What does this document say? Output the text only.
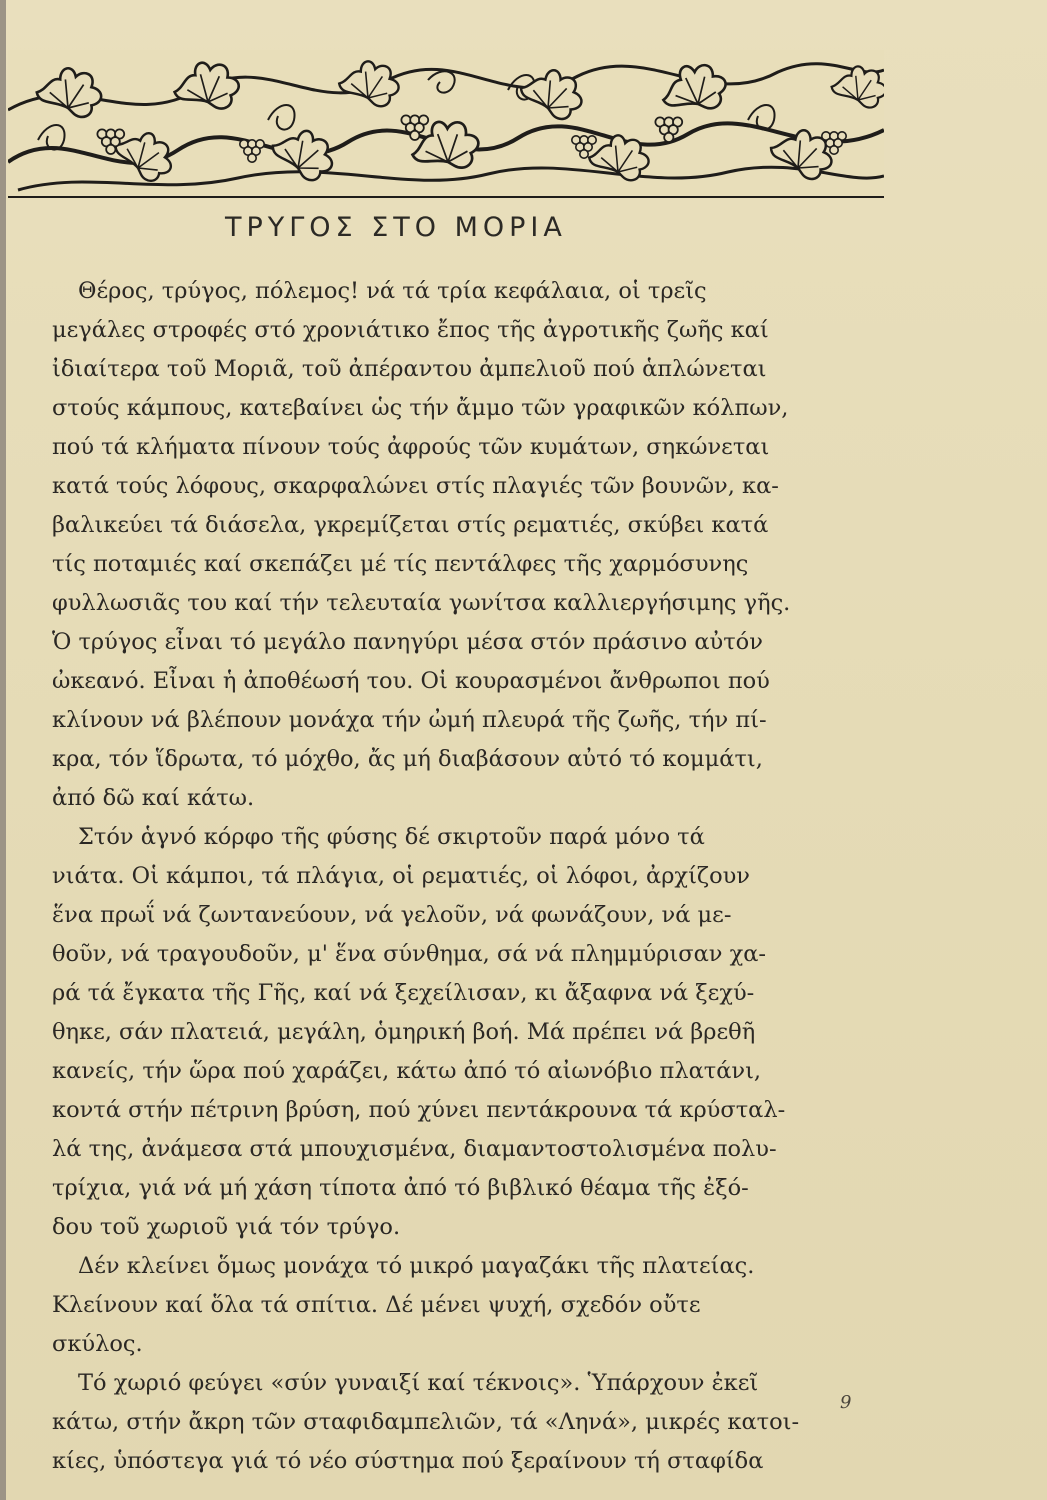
ΤΡΥΓΟΣ ΣΤΟ ΜΟΡΙΑ
Θέρος, τρύγος, πόλεμος! νά τά τρία κεφάλαια, οἱ τρεῖς
μεγάλες στροφές στό χρονιάτικο ἔπος τῆς ἀγροτικῆς ζωῆς καί
ἰδιαίτερα τοῦ Μοριᾶ, τοῦ ἀπέραντου ἀμπελιοῦ πού ἁπλώνεται
στούς κάμπους, κατεβαίνει ὡς τήν ἄμμο τῶν γραφικῶν κόλπων,
πού τά κλήματα πίνουν τούς ἀφρούς τῶν κυμάτων, σηκώνεται
κατά τούς λόφους, σκαρφαλώνει στίς πλαγιές τῶν βουνῶν, κα-
βαλικεύει τά διάσελα, γκρεμίζεται στίς ρεματιές, σκύβει κατά
τίς ποταμιές καί σκεπάζει μέ τίς πεντάλφες τῆς χαρμόσυνης
φυλλωσιᾶς του καί τήν τελευταία γωνίτσα καλλιεργήσιμης γῆς.
Ὁ τρύγος εἶναι τό μεγάλο πανηγύρι μέσα στόν πράσινο αὐτόν
ὠκεανό. Εἶναι ἡ ἀποθέωσή του. Οἱ κουρασμένοι ἄνθρωποι πού
κλίνουν νά βλέπουν μονάχα τήν ὠμή πλευρά τῆς ζωῆς, τήν πί-
κρα, τόν ἵδρωτα, τό μόχθο, ἄς μή διαβάσουν αὐτό τό κομμάτι,
ἀπό δῶ καί κάτω.
Στόν ἁγνό κόρφο τῆς φύσης δέ σκιρτοῦν παρά μόνο τά
νιάτα. Οἱ κάμποι, τά πλάγια, οἱ ρεματιές, οἱ λόφοι, ἀρχίζουν
ἕνα πρωΐ νά ζωντανεύουν, νά γελοῦν, νά φωνάζουν, νά με-
θοῦν, νά τραγουδοῦν, μ' ἕνα σύνθημα, σά νά πλημμύρισαν χα-
ρά τά ἔγκατα τῆς Γῆς, καί νά ξεχείλισαν, κι ἄξαφνα νά ξεχύ-
θηκε, σάν πλατειά, μεγάλη, ὁμηρική βοή. Μά πρέπει νά βρεθῆ
κανείς, τήν ὥρα πού χαράζει, κάτω ἀπό τό αἰωνόβιο πλατάνι,
κοντά στήν πέτρινη βρύση, πού χύνει πεντάκρουνα τά κρύσταλ-
λά της, ἀνάμεσα στά μπουχισμένα, διαμαντοστολισμένα πολυ-
τρίχια, γιά νά μή χάση τίποτα ἀπό τό βιβλικό θέαμα τῆς ἐξό-
δου τοῦ χωριοῦ γιά τόν τρύγο.
Δέν κλείνει ὅμως μονάχα τό μικρό μαγαζάκι τῆς πλατείας.
Κλείνουν καί ὅλα τά σπίτια. Δέ μένει ψυχή, σχεδόν οὔτε
σκύλος.
Τό χωριό φεύγει «σύν γυναιξί καί τέκνοις». Ὑπάρχουν ἐκεῖ
κάτω, στήν ἄκρη τῶν σταφιδαμπελιῶν, τά «Ληνά», μικρές κατοι-
κίες, ὑπόστεγα γιά τό νέο σύστημα πού ξεραίνουν τή σταφίδα
9
